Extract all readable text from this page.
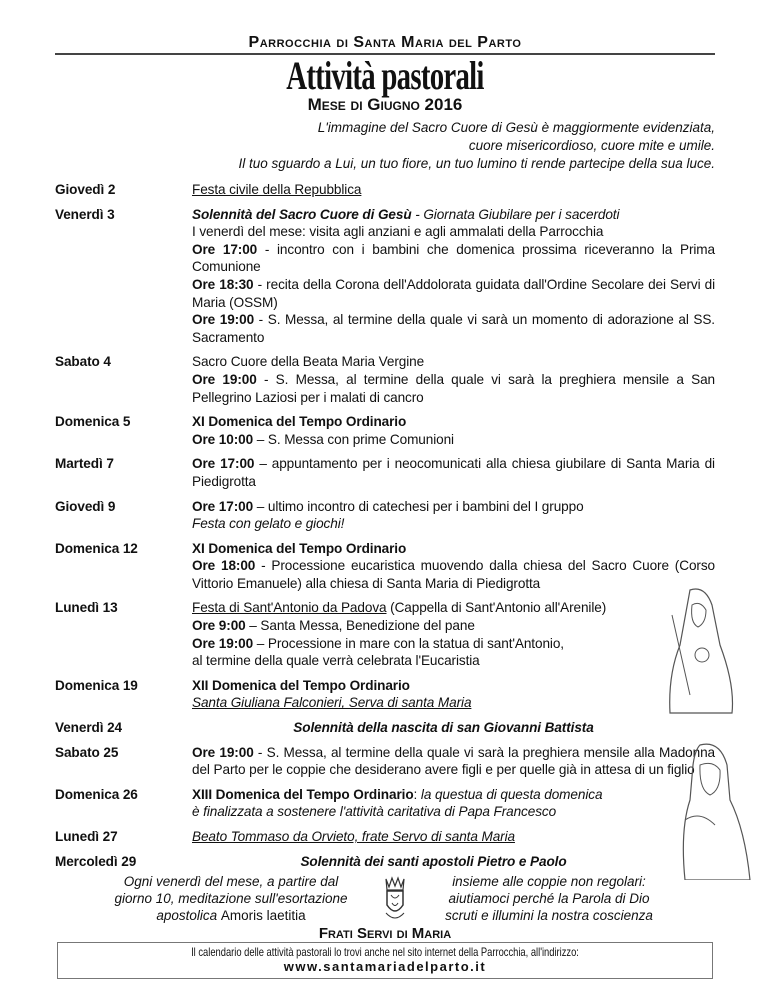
Parrocchia di Santa Maria del Parto
Attività pastorali
Mese di Giugno 2016
L'immagine del Sacro Cuore di Gesù è maggiormente evidenziata,
cuore misericordioso, cuore mite e umile.
Il tuo sguardo a Lui, un tuo fiore, un tuo lumino ti rende partecipe della sua luce.
Giovedì 2	Festa civile della Repubblica
Venerdì 3	Solennità del Sacro Cuore di Gesù - Giornata Giubilare per i sacerdoti
I venerdì del mese: visita agli anziani e agli ammalati della Parrocchia
Ore 17:00 - incontro con i bambini che domenica prossima riceveranno la Prima Comunione
Ore 18:30 - recita della Corona dell'Addolorata guidata dall'Ordine Secolare dei Servi di Maria (OSSM)
Ore 19:00 - S. Messa, al termine della quale vi sarà un momento di adorazione al SS. Sacramento
Sabato 4	Sacro Cuore della Beata Maria Vergine
Ore 19:00 - S. Messa, al termine della quale vi sarà la preghiera mensile a San Pellegrino Laziosi per i malati di cancro
Domenica 5	XI Domenica del Tempo Ordinario
Ore 10:00 – S. Messa con prime Comunioni
Martedì 7	Ore 17:00 – appuntamento per i neocomunicati alla chiesa giubilare di Santa Maria di Piedigrotta
Giovedì 9	Ore 17:00 – ultimo incontro di catechesi per i bambini del I gruppo
Festa con gelato e giochi!
Domenica 12	XI Domenica del Tempo Ordinario
Ore 18:00 - Processione eucaristica muovendo dalla chiesa del Sacro Cuore (Corso Vittorio Emanuele) alla chiesa di Santa Maria di Piedigrotta
Lunedì 13	Festa di Sant'Antonio da Padova (Cappella di Sant'Antonio all'Arenile)
Ore 9:00 – Santa Messa, Benedizione del pane
Ore 19:00 – Processione in mare con la statua di sant'Antonio,
al termine della quale verrà celebrata l'Eucaristia
Domenica 19	XII Domenica del Tempo Ordinario
Santa Giuliana Falconieri, Serva di santa Maria
Venerdì 24	Solennità della nascita di san Giovanni Battista
Sabato 25	Ore 19:00 - S. Messa, al termine della quale vi sarà la preghiera mensile alla Madonna del Parto per le coppie che desiderano avere figli e per quelle già in attesa di un figlio
Domenica 26	XIII Domenica del Tempo Ordinario: la questua di questa domenica
è finalizzata a sostenere l'attività caritativa di Papa Francesco
Lunedì 27	Beato Tommaso da Orvieto, frate Servo di santa Maria
Mercoledì 29	Solennità dei santi apostoli Pietro e Paolo
Ogni venerdì del mese, a partire dal
giorno 10, meditazione sull'esortazione
apostolica Amoris laetitia
insieme alle coppie non regolari:
aiutiamoci perché la Parola di Dio
scruti e illumini la nostra coscienza
Frati Servi di Maria
Il calendario delle attività pastorali lo trovi anche nel sito internet della Parrocchia, all'indirizzo:
www.santamariadelparto.it
